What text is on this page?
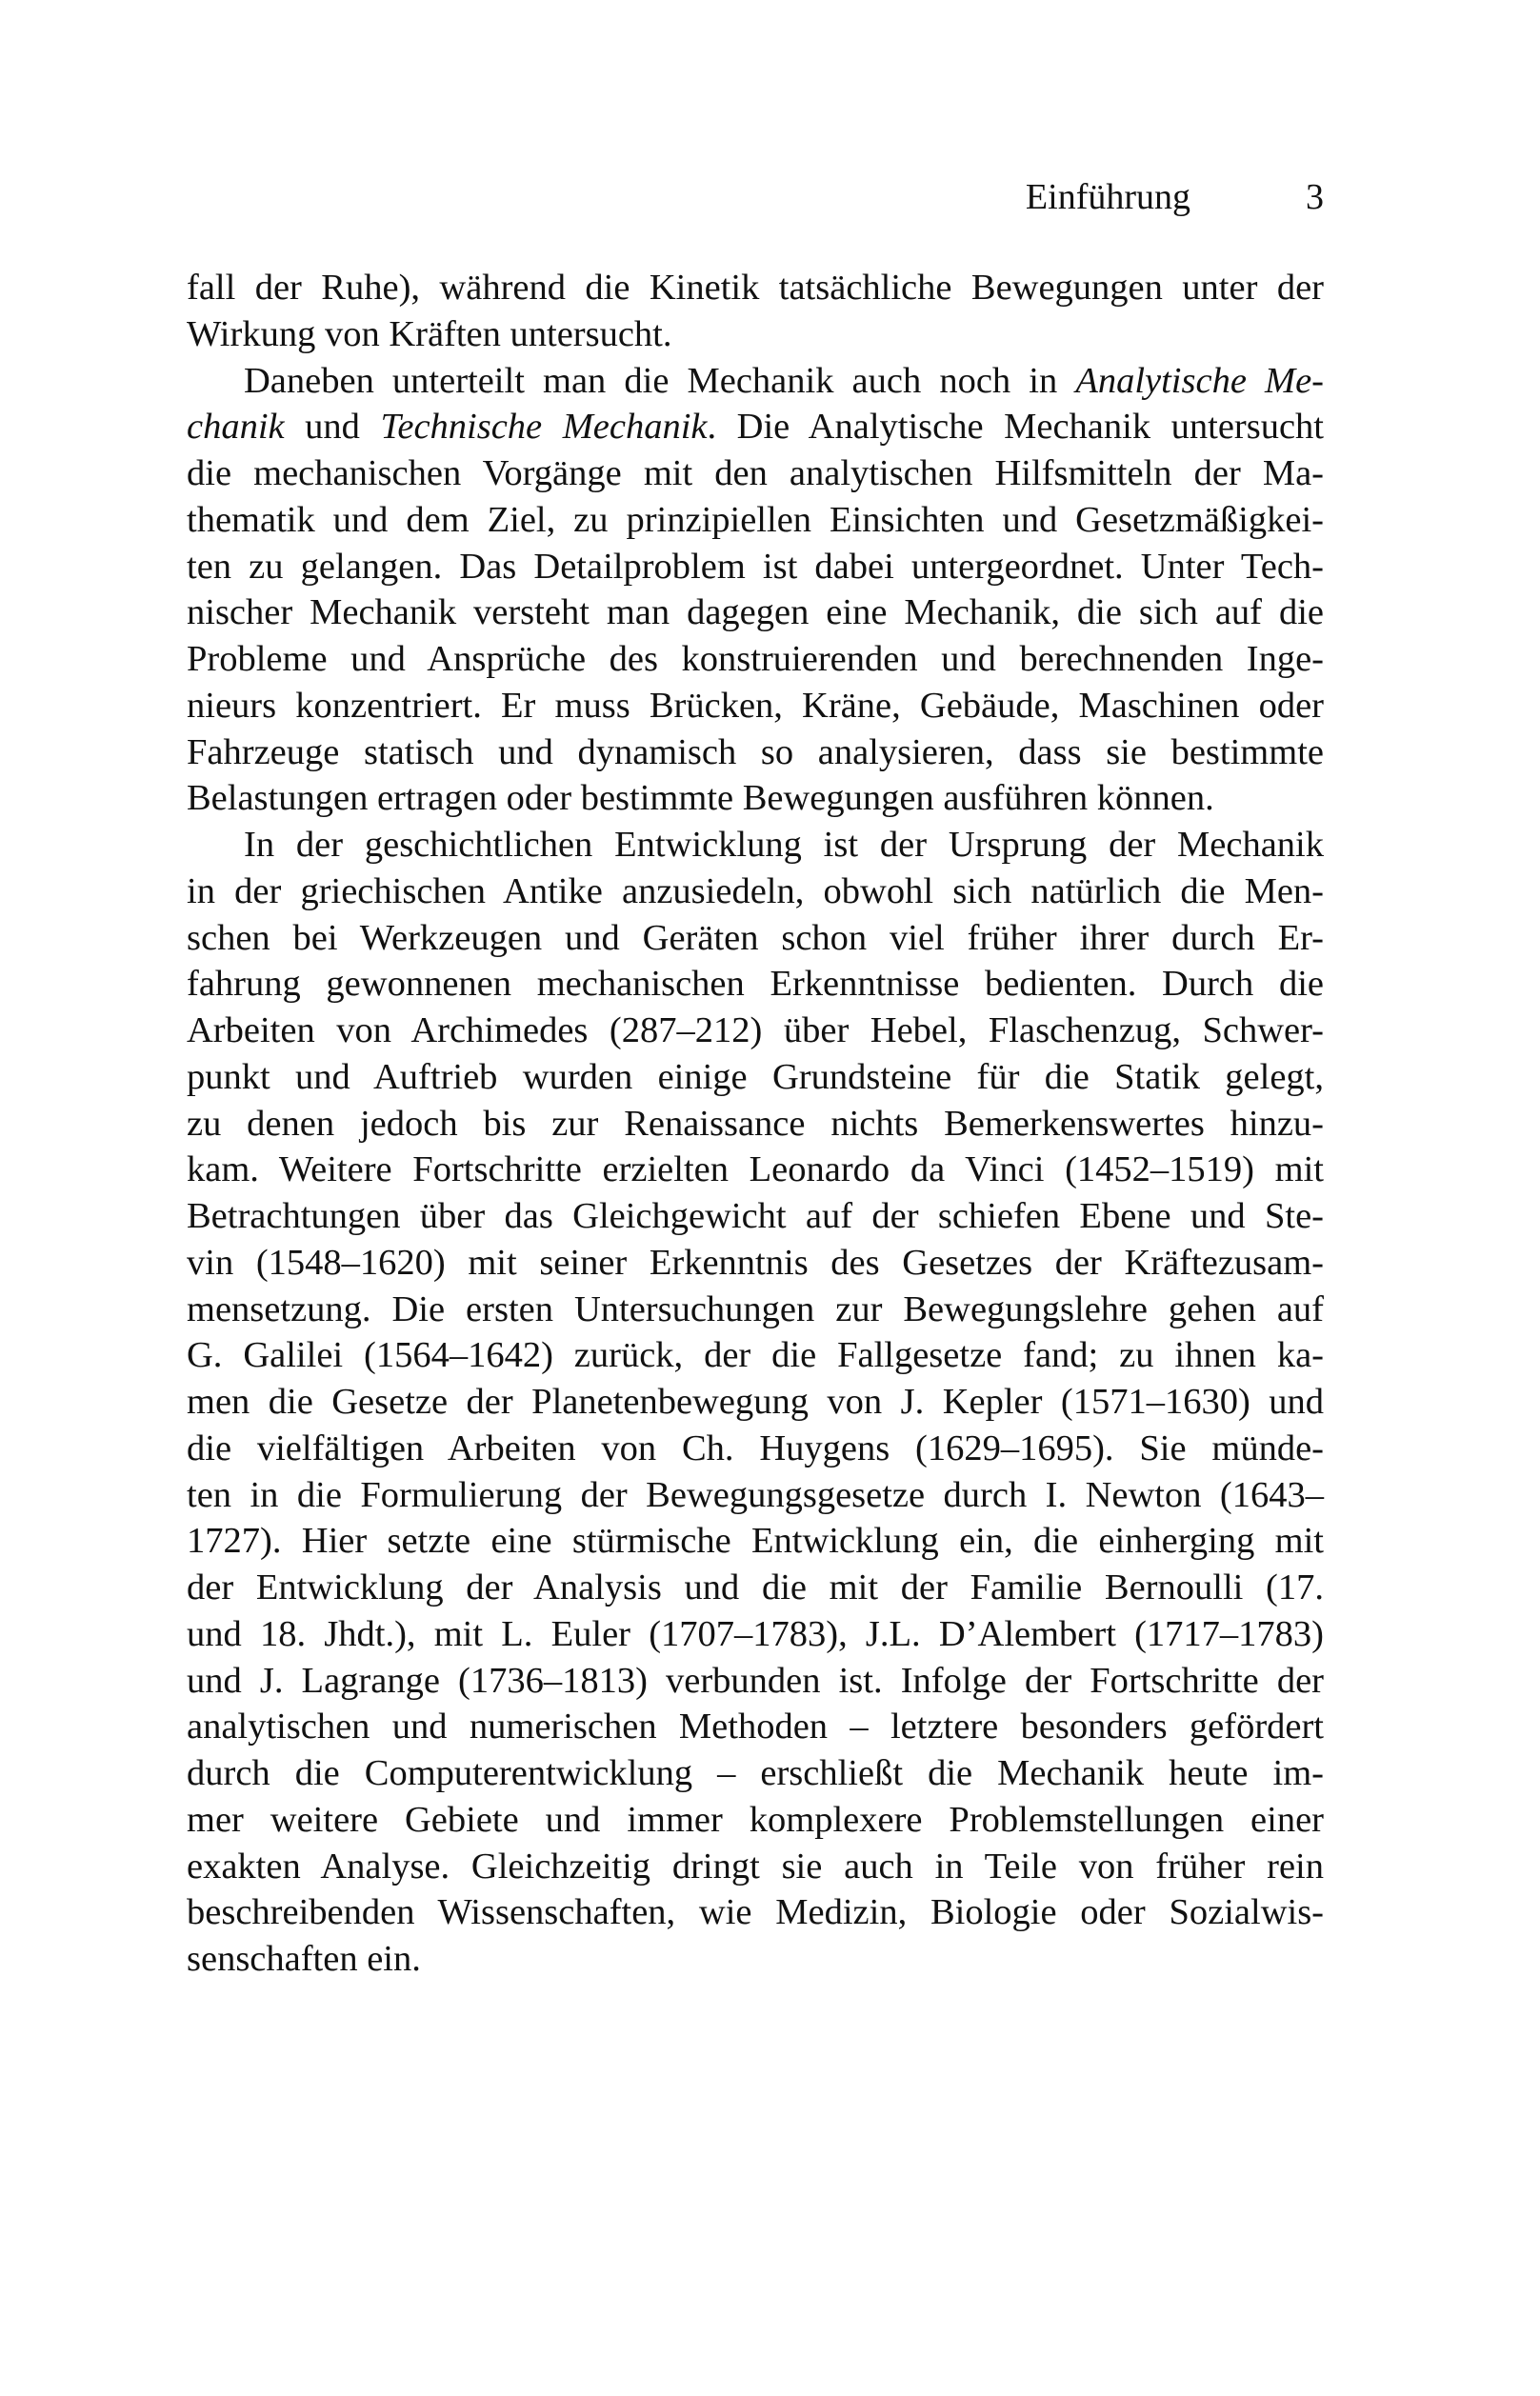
Einführung	3
fall der Ruhe), während die Kinetik tatsächliche Bewegungen unter der
Wirkung von Kräften untersucht.
Daneben unterteilt man die Mechanik auch noch in Analytische Me-
chanik und Technische Mechanik. Die Analytische Mechanik untersucht
die mechanischen Vorgänge mit den analytischen Hilfsmitteln der Ma-
thematik und dem Ziel, zu prinzipiellen Einsichten und Gesetzmäßigkei-
ten zu gelangen. Das Detailproblem ist dabei untergeordnet. Unter Tech-
nischer Mechanik versteht man dagegen eine Mechanik, die sich auf die
Probleme und Ansprüche des konstruierenden und berechnenden Inge-
nieurs konzentriert. Er muss Brücken, Kräne, Gebäude, Maschinen oder
Fahrzeuge statisch und dynamisch so analysieren, dass sie bestimmte
Belastungen ertragen oder bestimmte Bewegungen ausführen können.
In der geschichtlichen Entwicklung ist der Ursprung der Mechanik
in der griechischen Antike anzusiedeln, obwohl sich natürlich die Men-
schen bei Werkzeugen und Geräten schon viel früher ihrer durch Er-
fahrung gewonnenen mechanischen Erkenntnisse bedienten. Durch die
Arbeiten von Archimedes (287–212) über Hebel, Flaschenzug, Schwer-
punkt und Auftrieb wurden einige Grundsteine für die Statik gelegt,
zu denen jedoch bis zur Renaissance nichts Bemerkenswertes hinzu-
kam. Weitere Fortschritte erzielten Leonardo da Vinci (1452–1519) mit
Betrachtungen über das Gleichgewicht auf der schiefen Ebene und Ste-
vin (1548–1620) mit seiner Erkenntnis des Gesetzes der Kräftezusam-
mensetzung. Die ersten Untersuchungen zur Bewegungslehre gehen auf
G. Galilei (1564–1642) zurück, der die Fallgesetze fand; zu ihnen ka-
men die Gesetze der Planetenbewegung von J. Kepler (1571–1630) und
die vielfältigen Arbeiten von Ch. Huygens (1629–1695). Sie münde-
ten in die Formulierung der Bewegungsgesetze durch I. Newton (1643–
1727). Hier setzte eine stürmische Entwicklung ein, die einherging mit
der Entwicklung der Analysis und die mit der Familie Bernoulli (17.
und 18. Jhdt.), mit L. Euler (1707–1783), J.L. D’Alembert (1717–1783)
und J. Lagrange (1736–1813) verbunden ist. Infolge der Fortschritte der
analytischen und numerischen Methoden – letztere besonders gefördert
durch die Computerentwicklung – erschließt die Mechanik heute im-
mer weitere Gebiete und immer komplexere Problemstellungen einer
exakten Analyse. Gleichzeitig dringt sie auch in Teile von früher rein
beschreibenden Wissenschaften, wie Medizin, Biologie oder Sozialwis-
senschaften ein.
